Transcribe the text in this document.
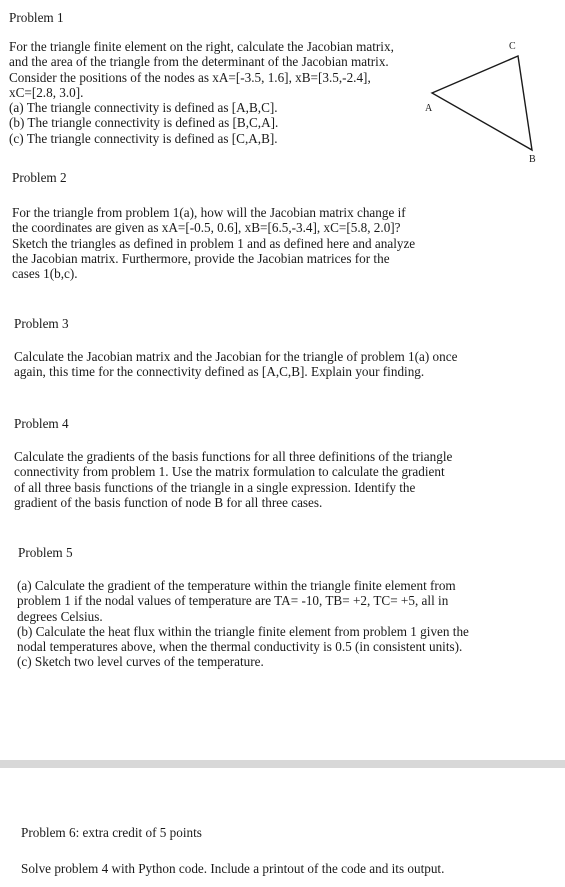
Problem 1

For the triangle finite element on the right, calculate the Jacobian matrix,

and the area of the triangle from the determinant of the Jacobian matrix.

Consider the positions of the nodes as xA=[-3.5, 1.6], xB=[3.5,-2.4],

xC=[2.8, 3.0].

(a) The triangle connectivity is defined as [A,B,C].

(b) The triangle connectivity is defined as [B,C,A].

(c) The triangle connectivity is defined as [C,A,B].

A
B
C
Problem 2

For the triangle from problem 1(a), how will the Jacobian matrix change if

the coordinates are given as xA=[-0.5, 0.6], xB=[6.5,-3.4], xC=[5.8, 2.0]?

Sketch the triangles as defined in problem 1 and as defined here and analyze

the Jacobian matrix. Furthermore, provide the Jacobian matrices for the

cases 1(b,c).

Problem 3

Calculate the Jacobian matrix and the Jacobian for the triangle of problem 1(a) once

again, this time for the connectivity defined as [A,C,B]. Explain your finding.

Problem 4

Calculate the gradients of the basis functions for all three definitions of the triangle

connectivity from problem 1. Use the matrix formulation to calculate the gradient

of all three basis functions of the triangle in a single expression. Identify the

gradient of the basis function of node B for all three cases.

Problem 5

(a) Calculate the gradient of the temperature within the triangle finite element from

problem 1 if the nodal values of temperature are TA= -10, TB= +2, TC= +5, all in

degrees Celsius.

(b) Calculate the heat flux within the triangle finite element from problem 1 given the

nodal temperatures above, when the thermal conductivity is 0.5 (in consistent units).

(c) Sketch two level curves of the temperature.

Problem 6: extra credit of 5 points

Solve problem 4 with Python code. Include a printout of the code and its output.
